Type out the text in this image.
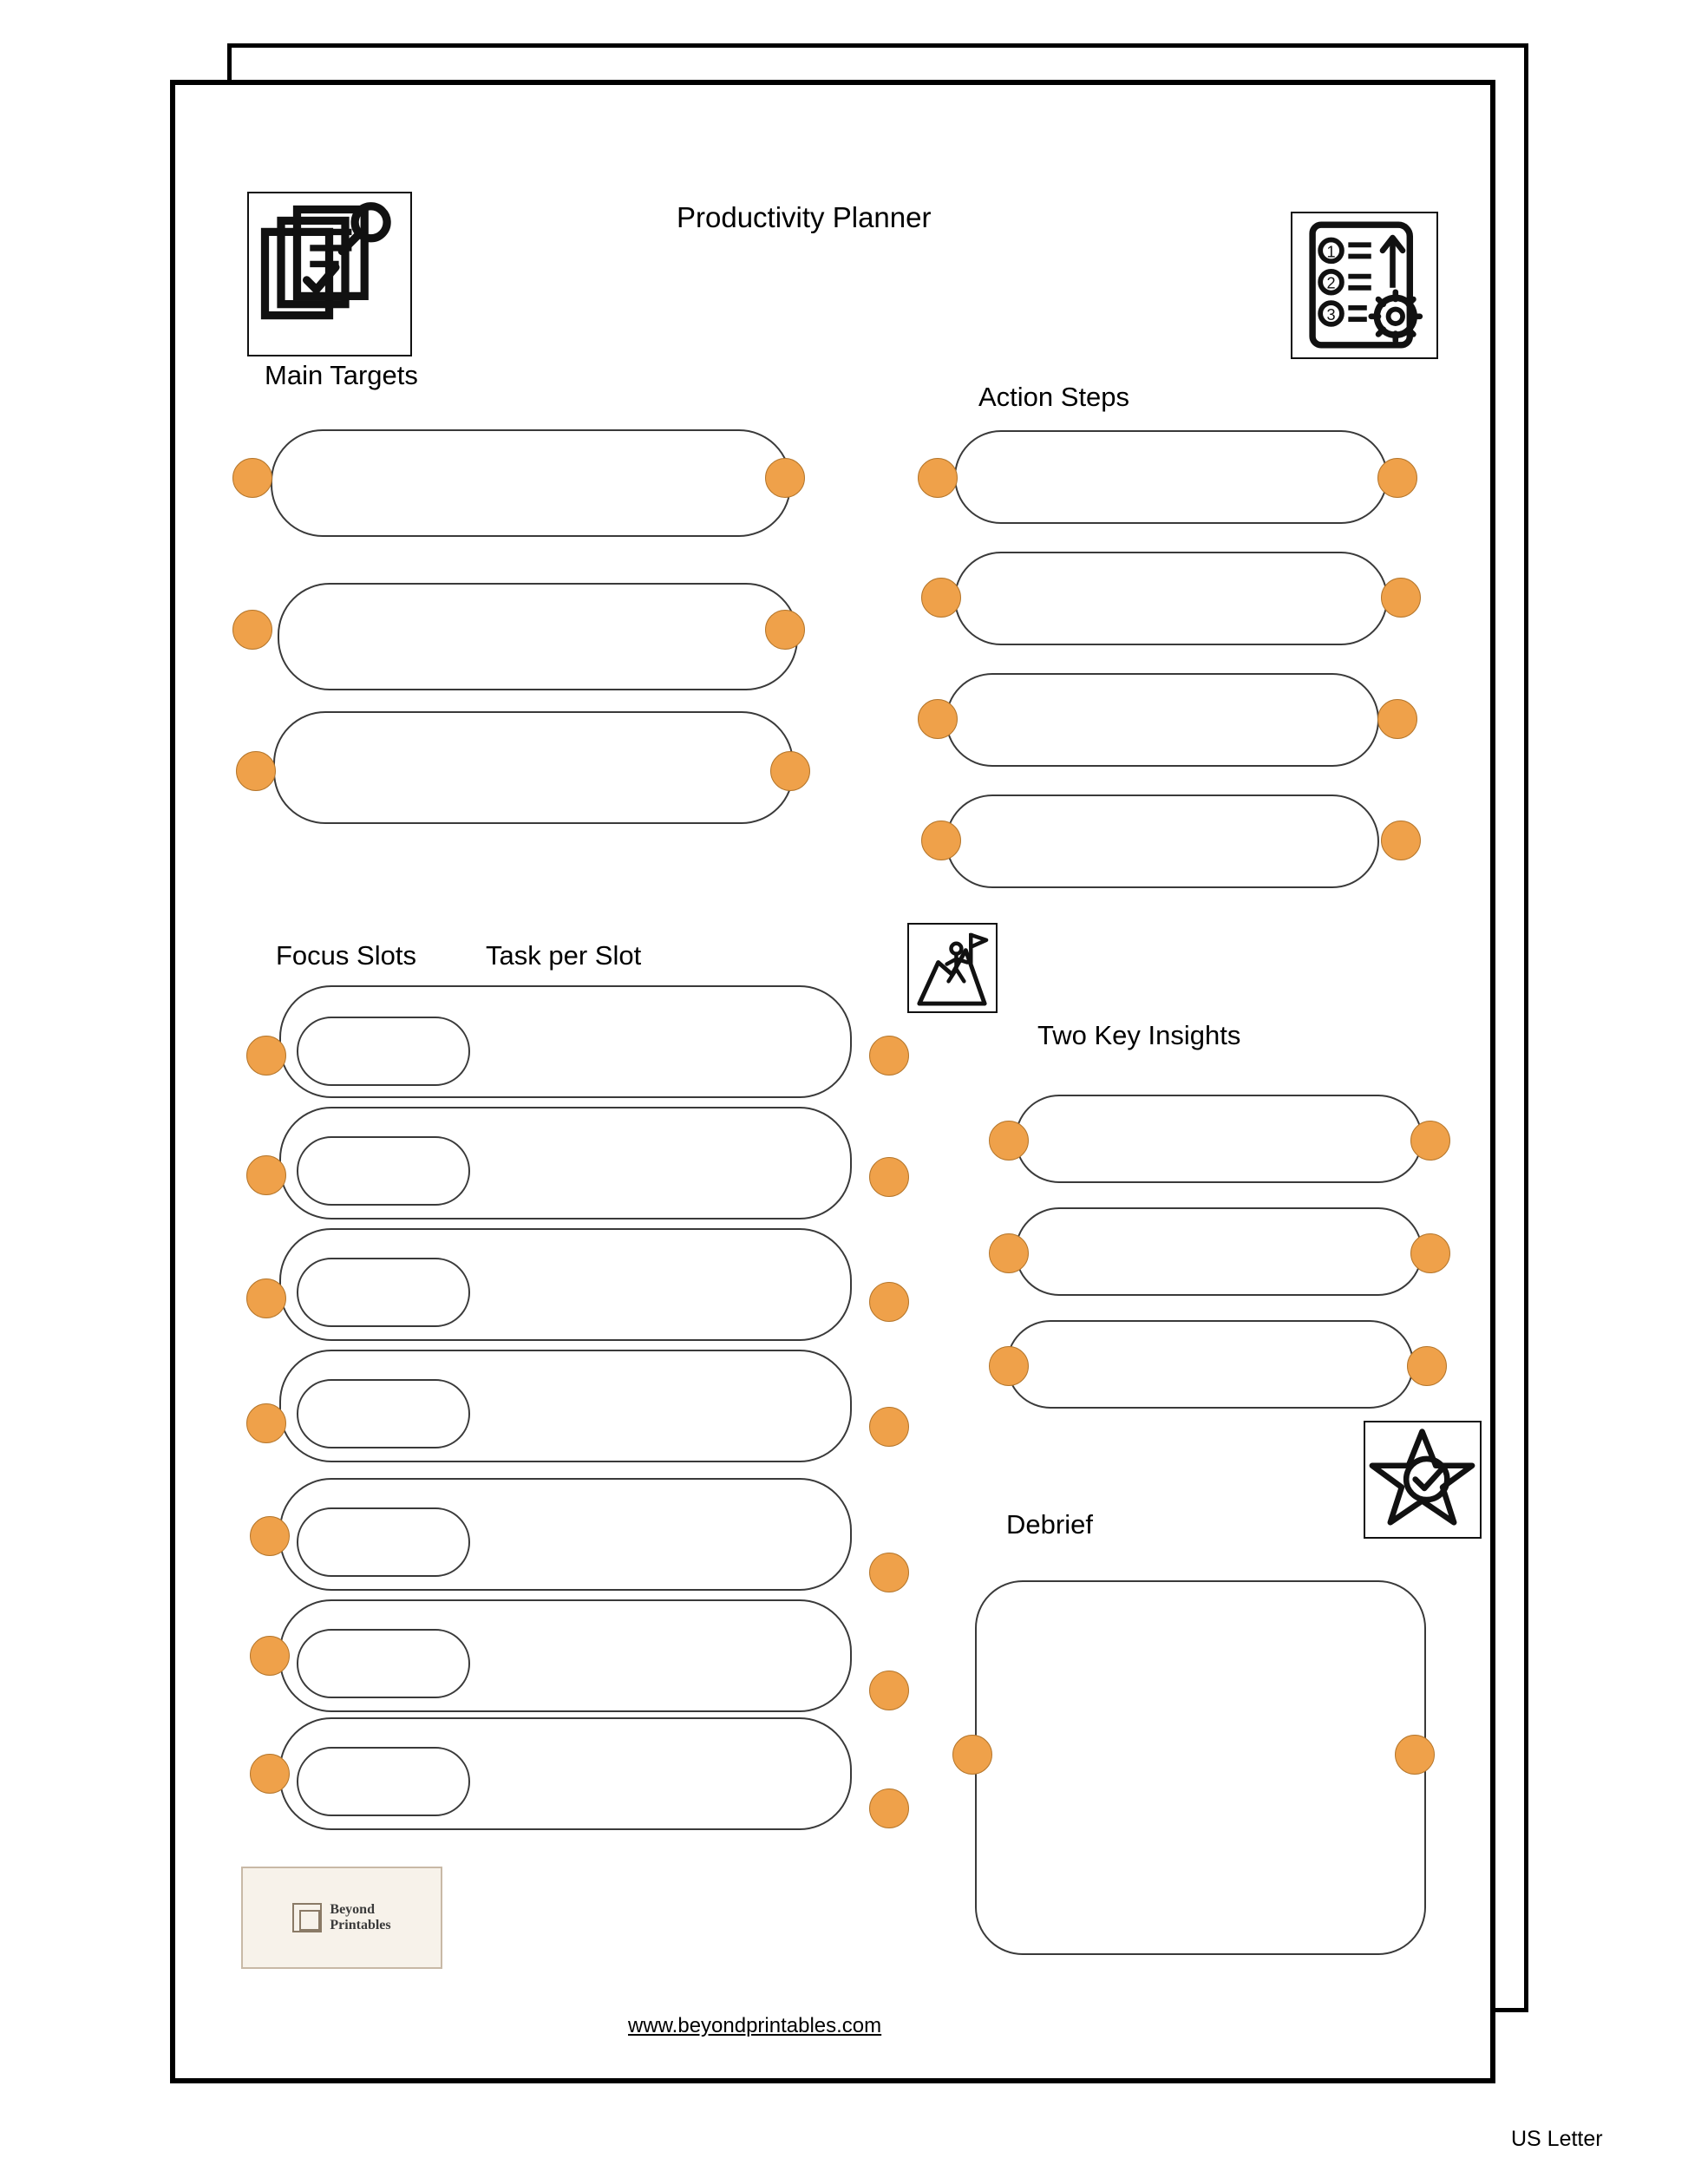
Productivity Planner
1
2
3
Main Targets
Action Steps
Focus Slots	Task per Slot
Two Key Insights
Debrief
Beyond
Printables
www.beyondprintables.com
US Letter
